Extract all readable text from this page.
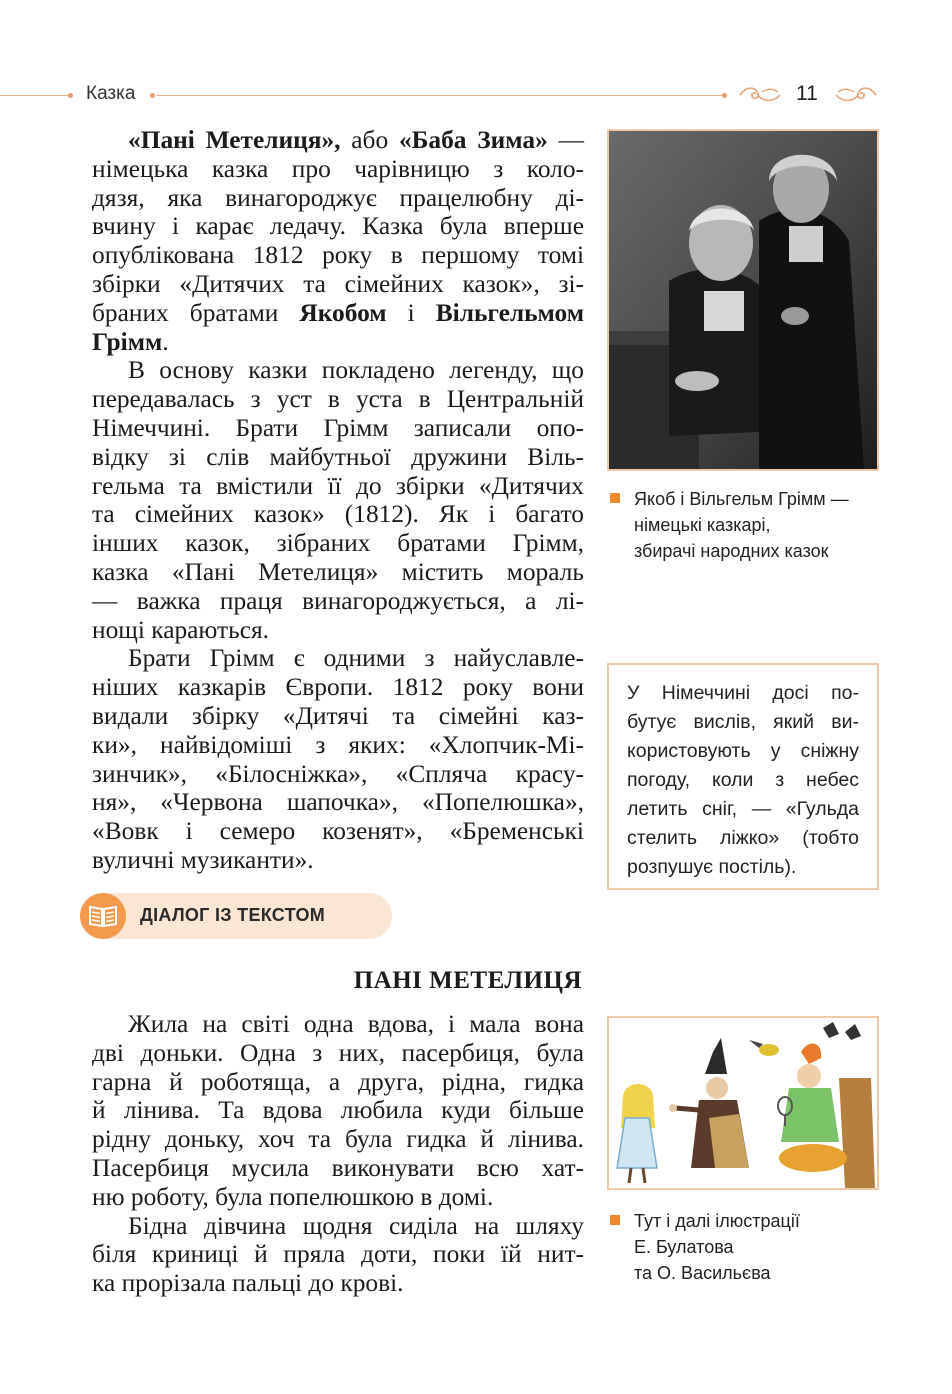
Казка	11

«Пані Метелиця», або «Баба Зима» —
німецька казка про чарівницю з коло-
дязя, яка винагороджує працелюбну ді-
вчину і карає ледачу. Казка була вперше
опублікована 1812 року в першому томі
збірки «Дитячих та сімейних казок», зі-
браних братами Якобом і Вільгельмом
Грімм.

В основу казки покладено легенду, що
передавалась з уст в уста в Центральній
Німеччині. Брати Грімм записали опо-
відку зі слів майбутньої дружини Віль-
гельма та вмістили її до збірки «Дитячих
та сімейних казок» (1812). Як і багато
інших казок, зібраних братами Грімм,
казка «Пані Метелиця» містить мораль
— важка праця винагороджується, а лі-
нощі караються.

Брати Грімм є одними з найуславле-
ніших казкарів Європи. 1812 року вони
видали збірку «Дитячі та сімейні каз-
ки», найвідоміші з яких: «Хлопчик-Мі-
зинчик», «Білосніжка», «Спляча красу-
ня», «Червона шапочка», «Попелюшка»,
«Вовк і семеро козенят», «Бременські
вуличні музиканти».

Якоб і Вільгельм Грімм —
німецькі казкарі,
збирачі народних казок
У Німеччині досі по-
бутує вислів, який ви-
користовують у сніжну
погоду, коли з небес
летить сніг, — «Гульда
стелить ліжко» (тобто
розпушує постіль).
ДІАЛОГ ІЗ ТЕКСТОМ
ПАНІ МЕТЕЛИЦЯ

Жила на світі одна вдова, і мала вона
дві доньки. Одна з них, пасербиця, була
гарна й роботяща, а друга, рідна, гидка
й лінива. Та вдова любила куди більше
рідну доньку, хоч та була гидка й лінива.
Пасербиця мусила виконувати всю хат-
ню роботу, була попелюшкою в домі.

Бідна дівчина щодня сиділа на шляху
біля криниці й пряла доти, поки їй нит-
ка прорізала пальці до крові.

Тут і далі ілюстрації
Е. Булатова
та О. Васильєва
